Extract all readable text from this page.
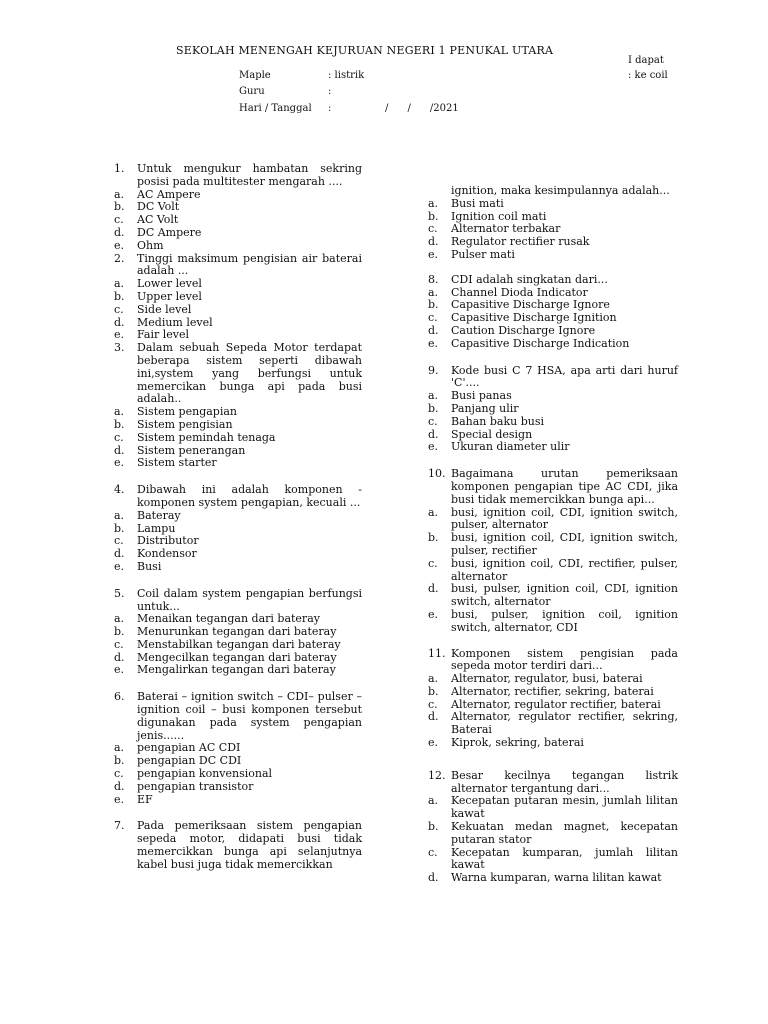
SEKOLAH MENENGAH KEJURUAN NEGERI 1 PENUKAL UTARA
I dapat
: ke coil
Maple	: listrik
Guru	:
Hari / Tanggal :	/      /      /2021
1. Untuk mengukur hambatan sekring posisi pada multitester mengarah ....
a. AC Ampere
b. DC Volt
c. AC Volt
d. DC Ampere
e. Ohm
2. Tinggi maksimum pengisian air baterai adalah ...
a. Lower level
b. Upper level
c. Side level
d. Medium level
e. Fair level
3. Dalam sebuah Sepeda Motor terdapat beberapa sistem seperti dibawah ini,system yang berfungsi untuk memercikan bunga api pada busi adalah..
a. Sistem pengapian
b. Sistem pengisian
c. Sistem pemindah tenaga
d. Sistem penerangan
e. Sistem starter
4. Dibawah ini adalah komponen - komponen system pengapian, kecuali ...
a. Bateray
b. Lampu
c. Distributor
d. Kondensor
e. Busi
5. Coil dalam system pengapian berfungsi untuk...
a. Menaikan tegangan dari bateray
b. Menurunkan tegangan dari bateray
c. Menstabilkan tegangan dari bateray
d. Mengecilkan tegangan dari bateray
e. Mengalirkan tegangan dari bateray
6. Baterai – ignition switch – CDI– pulser – ignition coil – busi komponen tersebut digunakan pada system pengapian jenis......
a. pengapian AC CDI
b. pengapian DC CDI
c. pengapian konvensional
d. pengapian transistor
e. EF
7. Pada pemeriksaan sistem pengapian sepeda motor, didapati busi tidak memercikkan bunga api selanjutnya kabel busi juga tidak memercikkan
ignition, maka kesimpulannya adalah...
a. Busi mati
b. Ignition coil mati
c. Alternator terbakar
d. Regulator rectifier rusak
e. Pulser mati
8. CDI adalah singkatan dari...
a. Channel Dioda Indicator
b. Capasitive Discharge Ignore
c. Capasitive Discharge Ignition
d. Caution Discharge Ignore
e. Capasitive Discharge Indication
9. Kode busi C 7 HSA, apa arti dari huruf 'C'....
a. Busi panas
b. Panjang ulir
c. Bahan baku busi
d. Special design
e. Ukuran diameter ulir
10. Bagaimana urutan pemeriksaan komponen pengapian tipe AC CDI, jika busi tidak memercikkan bunga api...
a. busi, ignition coil, CDI, ignition switch, pulser, alternator
b. busi, ignition coil, CDI, ignition switch, pulser, rectifier
c. busi, ignition coil, CDI, rectifier, pulser, alternator
d. busi, pulser, ignition coil, CDI, ignition switch, alternator
e. busi, pulser, ignition coil, ignition switch, alternator, CDI
11. Komponen sistem pengisian pada sepeda motor terdiri dari...
a. Alternator, regulator, busi, baterai
b. Alternator, rectifier, sekring, baterai
c. Alternator, regulator rectifier, baterai
d. Alternator, regulator rectifier, sekring, Baterai
e. Kiprok, sekring, baterai
12. Besar kecilnya tegangan listrik alternator tergantung dari...
a. Kecepatan putaran mesin, jumlah lilitan kawat
b. Kekuatan medan magnet, kecepatan putaran stator
c. Kecepatan kumparan, jumlah lilitan kawat
d. Warna kumparan, warna lilitan kawat
